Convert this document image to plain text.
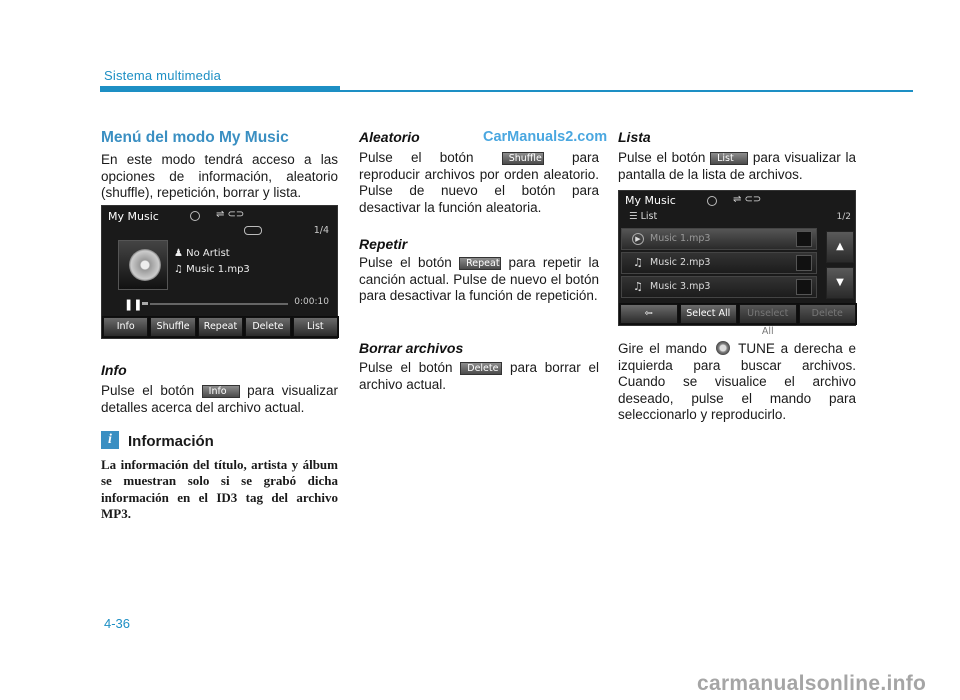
Sistema multimedia
Menú del modo My Music

En este modo tendrá acceso a las opciones de información, aleatorio (shuffle), repetición, borrar y lista.

My Music	⇌ ⊂⊃
1/4
♟ No Artist
♫ Music 1.mp3
❚❚	0:00:10
Info	Shuffle	Repeat	Delete	List
Info

Pulse el botón Info para visualizar detalles acerca del archivo actual.

i	Información

La información del título, artista y álbum se muestran solo si se grabó dicha información en el ID3 tag del archivo MP3.

CarManuals2.com
Aleatorio

Pulse el botón	Shuffle para reproducir archivos por orden aleatorio. Pulse de nuevo el botón para desactivar la función aleatoria.

Repetir

Pulse el botón Repeat para repetir la canción actual. Pulse de nuevo el botón para desactivar la función de repetición.

Borrar archivos

Pulse el botón Delete para borrar el archivo actual.

Lista

Pulse el botón List para visualizar la pantalla de la lista de archivos.

My Music	⇌ ⊂⊃
☰ List	1/2
▶ Music 1.mp3
♫ Music 2.mp3
♫ Music 3.mp3
▲
▼
⇦	Select All	Unselect All
Delete

Gire el mando TUNE a derecha e izquierda para buscar archivos. Cuando se visualice el archivo deseado, pulse el mando para seleccionarlo y reproducirlo.

4-36
carmanualsonline.info
